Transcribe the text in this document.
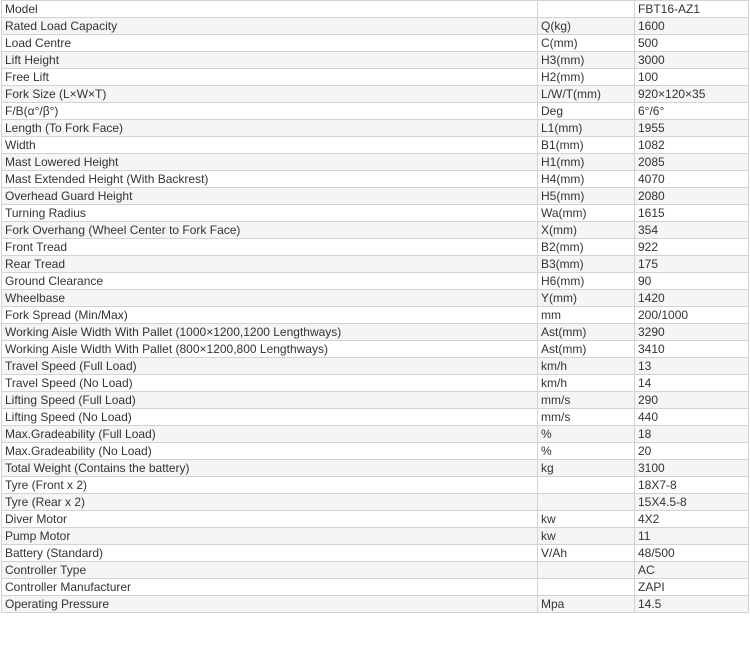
Model		FBT16-AZ1
Rated Load Capacity	Q(kg)	1600
Load Centre	C(mm)	500
Lift Height	H3(mm)	3000
Free Lift	H2(mm)	100
Fork Size (L×W×T)	L/W/T(mm)	920×120×35
F/B(α°/β°)	Deg	6°/6°
Length (To Fork Face)	L1(mm)	1955
Width	B1(mm)	1082
Mast Lowered Height	H1(mm)	2085
Mast Extended Height (With Backrest)	H4(mm)	4070
Overhead Guard Height	H5(mm)	2080
Turning Radius	Wa(mm)	1615
Fork Overhang (Wheel Center to Fork Face)	X(mm)	354
Front Tread	B2(mm)	922
Rear Tread	B3(mm)	175
Ground Clearance	H6(mm)	90
Wheelbase	Y(mm)	1420
Fork Spread (Min/Max)	mm	200/1000
Working Aisle Width With Pallet (1000×1200,1200 Lengthways)	Ast(mm)	3290
Working Aisle Width With Pallet (800×1200,800 Lengthways)	Ast(mm)	3410
Travel Speed (Full Load)	km/h	13
Travel Speed (No Load)	km/h	14
Lifting Speed (Full Load)	mm/s	290
Lifting Speed (No Load)	mm/s	440
Max.Gradeability (Full Load)	%	18
Max.Gradeability (No Load)	%	20
Total Weight (Contains the battery)	kg	3100
Tyre (Front x 2)		18X7-8
Tyre (Rear x 2)		15X4.5-8
Diver Motor	kw	4X2
Pump Motor	kw	11
Battery (Standard)	V/Ah	48/500
Controller Type		AC
Controller Manufacturer		ZAPI
Operating Pressure	Mpa	14.5
